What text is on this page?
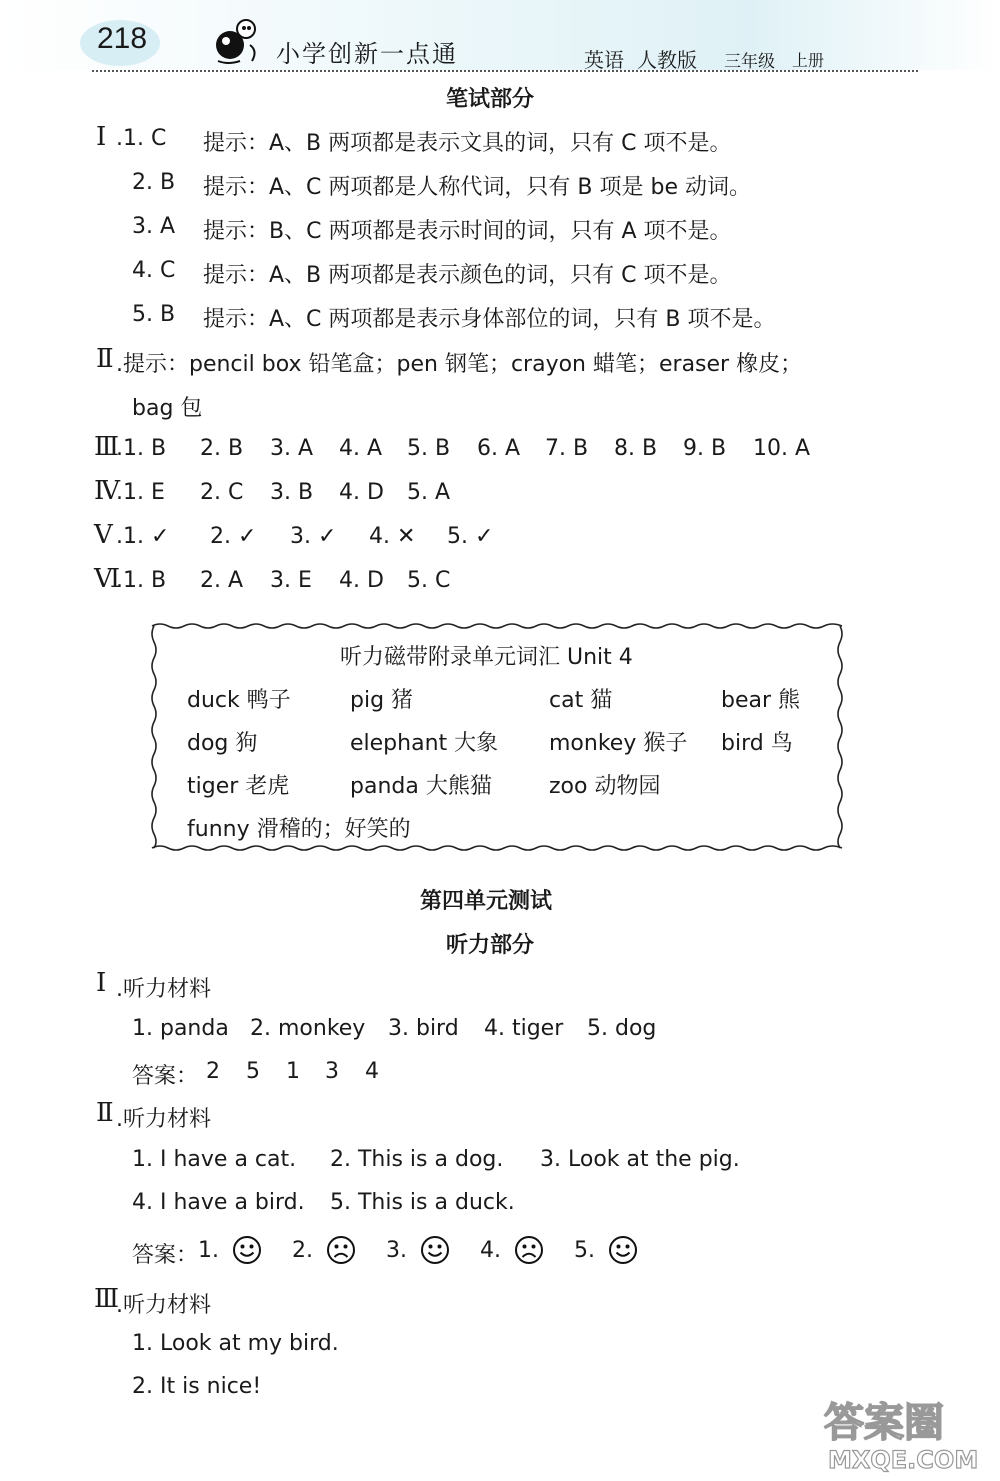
218	小学创新一点通	英语 人教版 三年级 上册
笔试部分
Ⅰ .1. C 提示：A、B 两项都是表示文具的词，只有 C 项不是。
2. B 提示：A、C 两项都是人称代词，只有 B 项是 be 动词。
3. A 提示：B、C 两项都是表示时间的词，只有 A 项不是。
4. C 提示：A、B 两项都是表示颜色的词，只有 C 项不是。
5. B 提示：A、C 两项都是表示身体部位的词，只有 B 项不是。
Ⅱ .提示：pencil box 铅笔盒；pen 钢笔；crayon 蜡笔；eraser 橡皮；
bag 包
Ⅲ
.1. B 2. B 3. A 4. A 5. B 6. A 7. B 8. B 9. B 10. A
Ⅳ
.1. E 2. C 3. B 4. D 5. A
Ⅴ .1. ✓ 2. ✓ 3. ✓ 4. ✕ 5. ✓
Ⅵ
.1. B 2. A 3. E 4. D 5. C
听力磁带附录单元词汇 Unit 4
duck 鸭子	pig 猪	cat 猫	bear 熊
dog 狗	elephant 大象 monkey 猴子 bird 鸟
tiger 老虎	panda 大熊猫	zoo 动物园
funny 滑稽的；好笑的
第四单元测试
听力部分
Ⅰ .听力材料
1. panda 2. monkey 3. bird 4. tiger 5. dog
答案： 2 5 1 3 4
Ⅱ .听力材料
1. I have a cat. 2. This is a dog. 3. Look at the pig.
4. I have a bird. 5. This is a duck.
答案： 1.	2.	3.	4.	5.
Ⅲ
.听力材料
1. Look at my bird.
2. It is nice!
答案圈
MXQE.COM
